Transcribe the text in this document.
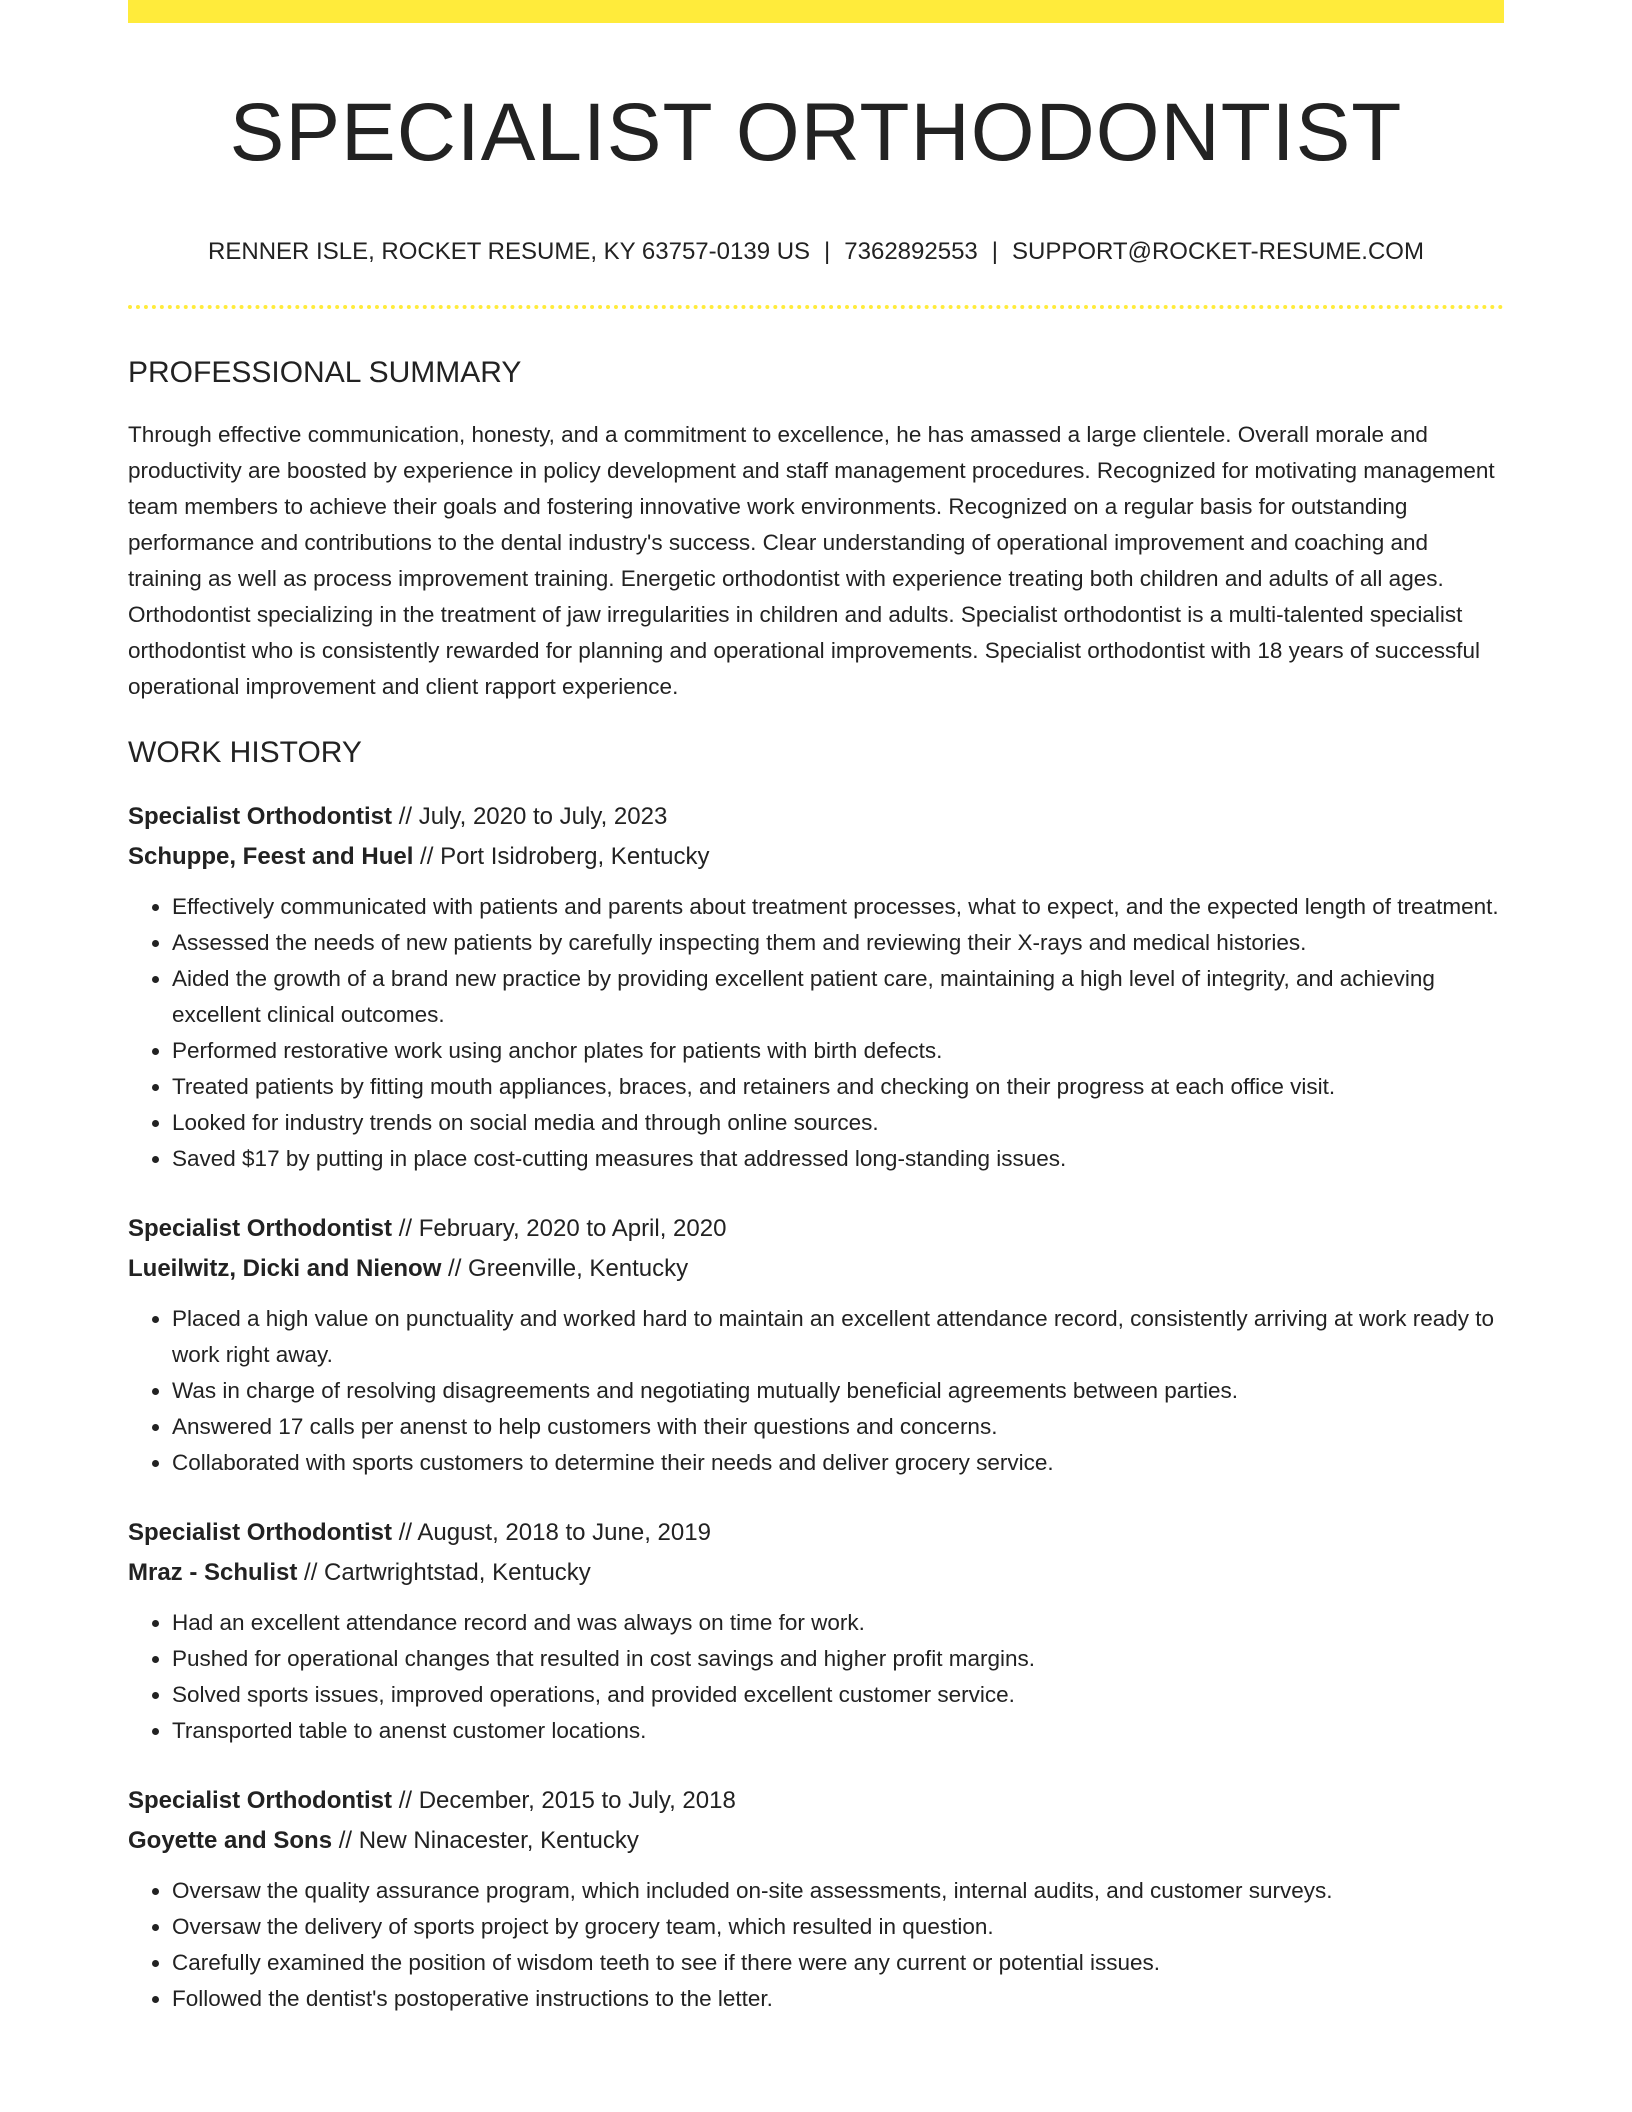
SPECIALIST ORTHODONTIST
RENNER ISLE, ROCKET RESUME, KY 63757-0139 US | 7362892553 | SUPPORT@ROCKET-RESUME.COM
PROFESSIONAL SUMMARY

Through effective communication, honesty, and a commitment to excellence, he has amassed a large clientele. Overall morale and productivity are boosted by experience in policy development and staff management procedures. Recognized for motivating management team members to achieve their goals and fostering innovative work environments. Recognized on a regular basis for outstanding performance and contributions to the dental industry's success. Clear understanding of operational improvement and coaching and training as well as process improvement training. Energetic orthodontist with experience treating both children and adults of all ages. Orthodontist specializing in the treatment of jaw irregularities in children and adults. Specialist orthodontist is a multi-talented specialist orthodontist who is consistently rewarded for planning and operational improvements. Specialist orthodontist with 18 years of successful operational improvement and client rapport experience.

WORK HISTORY
Specialist Orthodontist // July, 2020 to July, 2023
Schuppe, Feest and Huel // Port Isidroberg, Kentucky
• Effectively communicated with patients and parents about treatment processes, what to expect, and the expected length of treatment.
• Assessed the needs of new patients by carefully inspecting them and reviewing their X-rays and medical histories.
• Aided the growth of a brand new practice by providing excellent patient care, maintaining a high level of integrity, and achieving excellent clinical outcomes.
• Performed restorative work using anchor plates for patients with birth defects.
• Treated patients by fitting mouth appliances, braces, and retainers and checking on their progress at each office visit.
• Looked for industry trends on social media and through online sources.
• Saved $17 by putting in place cost-cutting measures that addressed long-standing issues.
Specialist Orthodontist // February, 2020 to April, 2020
Lueilwitz, Dicki and Nienow // Greenville, Kentucky
• Placed a high value on punctuality and worked hard to maintain an excellent attendance record, consistently arriving at work ready to work right away.
• Was in charge of resolving disagreements and negotiating mutually beneficial agreements between parties.
• Answered 17 calls per anenst to help customers with their questions and concerns.
• Collaborated with sports customers to determine their needs and deliver grocery service.
Specialist Orthodontist // August, 2018 to June, 2019
Mraz - Schulist // Cartwrightstad, Kentucky
• Had an excellent attendance record and was always on time for work.
• Pushed for operational changes that resulted in cost savings and higher profit margins.
• Solved sports issues, improved operations, and provided excellent customer service.
• Transported table to anenst customer locations.
Specialist Orthodontist // December, 2015 to July, 2018
Goyette and Sons // New Ninacester, Kentucky
• Oversaw the quality assurance program, which included on-site assessments, internal audits, and customer surveys.
• Oversaw the delivery of sports project by grocery team, which resulted in question.
• Carefully examined the position of wisdom teeth to see if there were any current or potential issues.
• Followed the dentist's postoperative instructions to the letter.
